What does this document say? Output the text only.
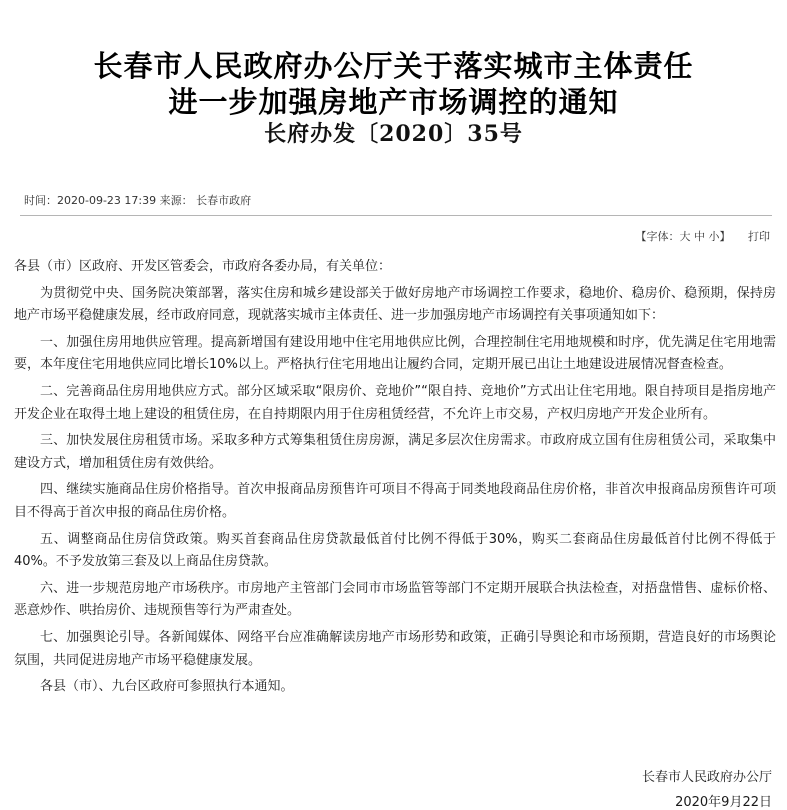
长春市人民政府办公厅关于落实城市主体责任
进一步加强房地产市场调控的通知
长府办发〔2020〕35号
时间：2020-09-23 17:39 来源： 长春市政府
【字体：大 中 小】 打印

各县（市）区政府、开发区管委会，市政府各委办局，有关单位：

为贯彻党中央、国务院决策部署，落实住房和城乡建设部关于做好房地产市场调控工作要求，稳地价、稳房价、稳预期，保持房地产市场平稳健康发展，经市政府同意，现就落实城市主体责任、进一步加强房地产市场调控有关事项通知如下：

一、加强住房用地供应管理。提高新增国有建设用地中住宅用地供应比例，合理控制住宅用地规模和时序，优先满足住宅用地需要，本年度住宅用地供应同比增长10%以上。严格执行住宅用地出让履约合同，定期开展已出让土地建设进展情况督查检查。

二、完善商品住房用地供应方式。部分区域采取“限房价、竞地价”“限自持、竞地价”方式出让住宅用地。限自持项目是指房地产开发企业在取得土地上建设的租赁住房，在自持期限内用于住房租赁经营，不允许上市交易，产权归房地产开发企业所有。

三、加快发展住房租赁市场。采取多种方式筹集租赁住房房源，满足多层次住房需求。市政府成立国有住房租赁公司，采取集中建设方式，增加租赁住房有效供给。

四、继续实施商品住房价格指导。首次申报商品房预售许可项目不得高于同类地段商品住房价格，非首次申报商品房预售许可项目不得高于首次申报的商品住房价格。

五、调整商品住房信贷政策。购买首套商品住房贷款最低首付比例不得低于30%，购买二套商品住房最低首付比例不得低于40%。不予发放第三套及以上商品住房贷款。

六、进一步规范房地产市场秩序。市房地产主管部门会同市市场监管等部门不定期开展联合执法检查，对捂盘惜售、虚标价格、恶意炒作、哄抬房价、违规预售等行为严肃查处。

七、加强舆论引导。各新闻媒体、网络平台应准确解读房地产市场形势和政策，正确引导舆论和市场预期，营造良好的市场舆论氛围，共同促进房地产市场平稳健康发展。

各县（市）、九台区政府可参照执行本通知。

长春市人民政府办公厅
2020年9月22日
